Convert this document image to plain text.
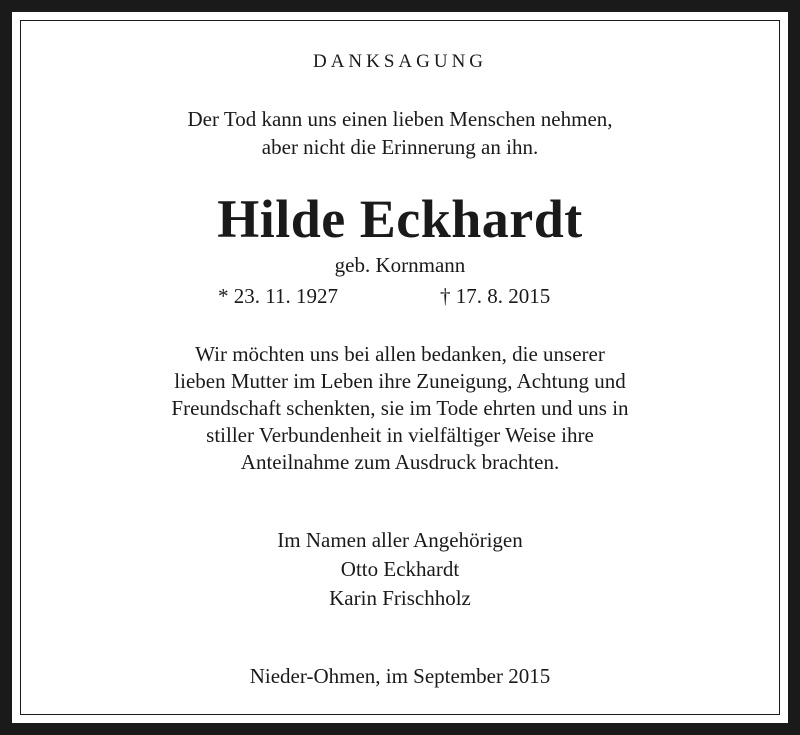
DANKSAGUNG
Der Tod kann uns einen lieben Menschen nehmen,
aber nicht die Erinnerung an ihn.
Hilde Eckhardt
geb. Kornmann
* 23. 11. 1927	† 17. 8. 2015
Wir möchten uns bei allen bedanken, die unserer
lieben Mutter im Leben ihre Zuneigung, Achtung und
Freundschaft schenkten, sie im Tode ehrten und uns in
stiller Verbundenheit in vielfältiger Weise ihre
Anteilnahme zum Ausdruck brachten.
Im Namen aller Angehörigen
Otto Eckhardt
Karin Frischholz
Nieder-Ohmen, im September 2015
